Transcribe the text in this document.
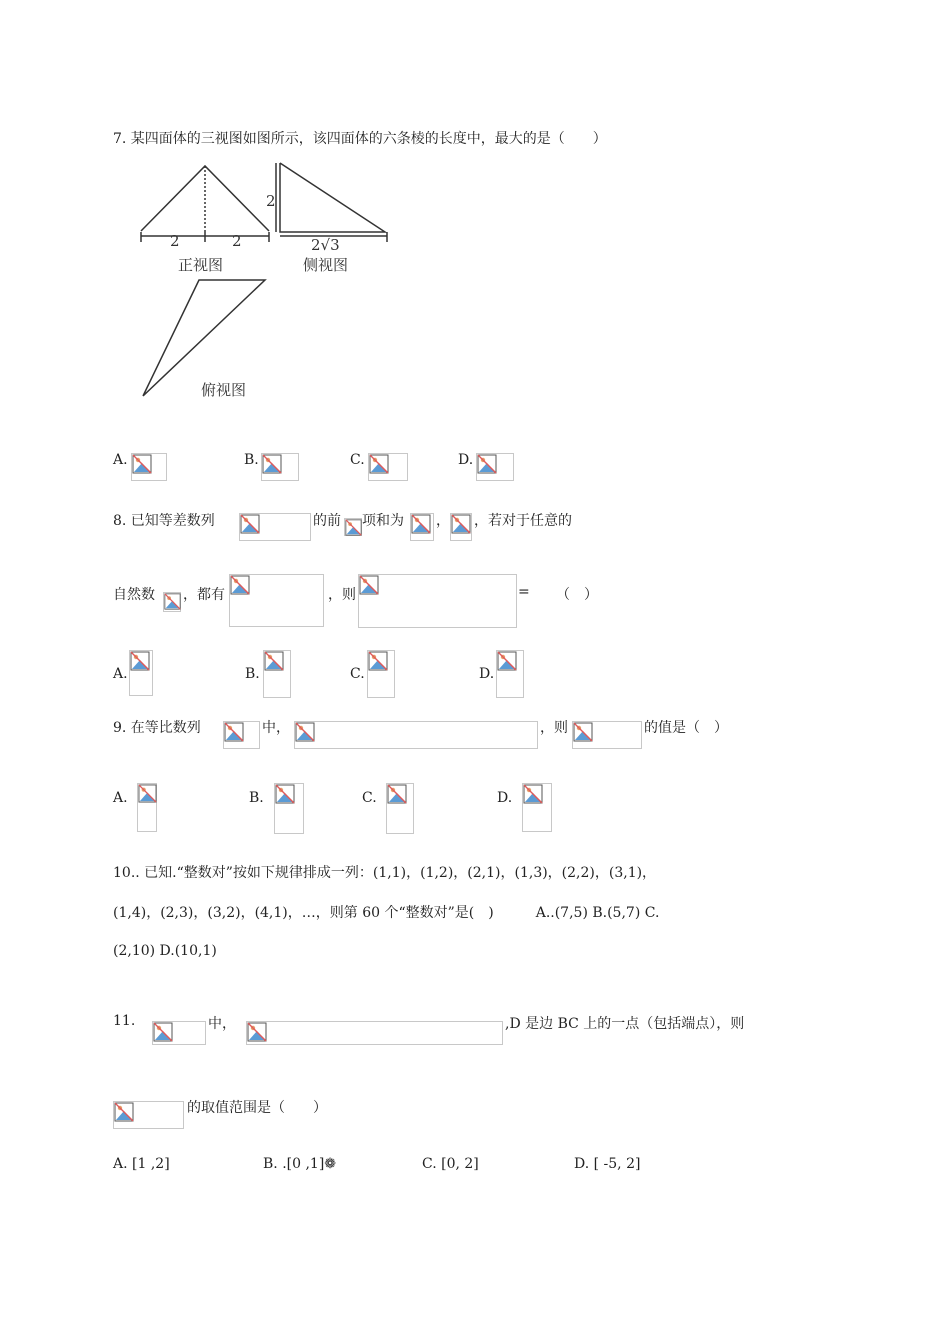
7. 某四面体的三视图如图所示，该四面体的六条棱的长度中，最大的是（　　）
2	2
2
2√3
正视图	侧视图
俯视图
A.	B.	C.	D.
8. 已知等差数列	的前 项和为 ， ，若对于任意的
自然数 ，都有	，则	= （　）
A.	B.	C.	D.
9. 在等比数列	中，	，则	的值是（　）
A.	B.	C.	D.
10.. 已知.“整数对”按如下规律排成一列：(1,1)，(1,2)，(2,1)，(1,3)，(2,2)，(3,1)，
(1,4)，(2,3)，(3,2)，(4,1)，…，则第 60 个“整数对”是(　)　　　A..(7,5) B.(5,7) C.
(2,10) D.(10,1)
11.	中，	,D 是边 BC 上的一点（包括端点），则
的取值范围是（　　）
A. [1 ,2]	B. .[0 ,1]❁	C. [0, 2]	D. [ -5, 2]
